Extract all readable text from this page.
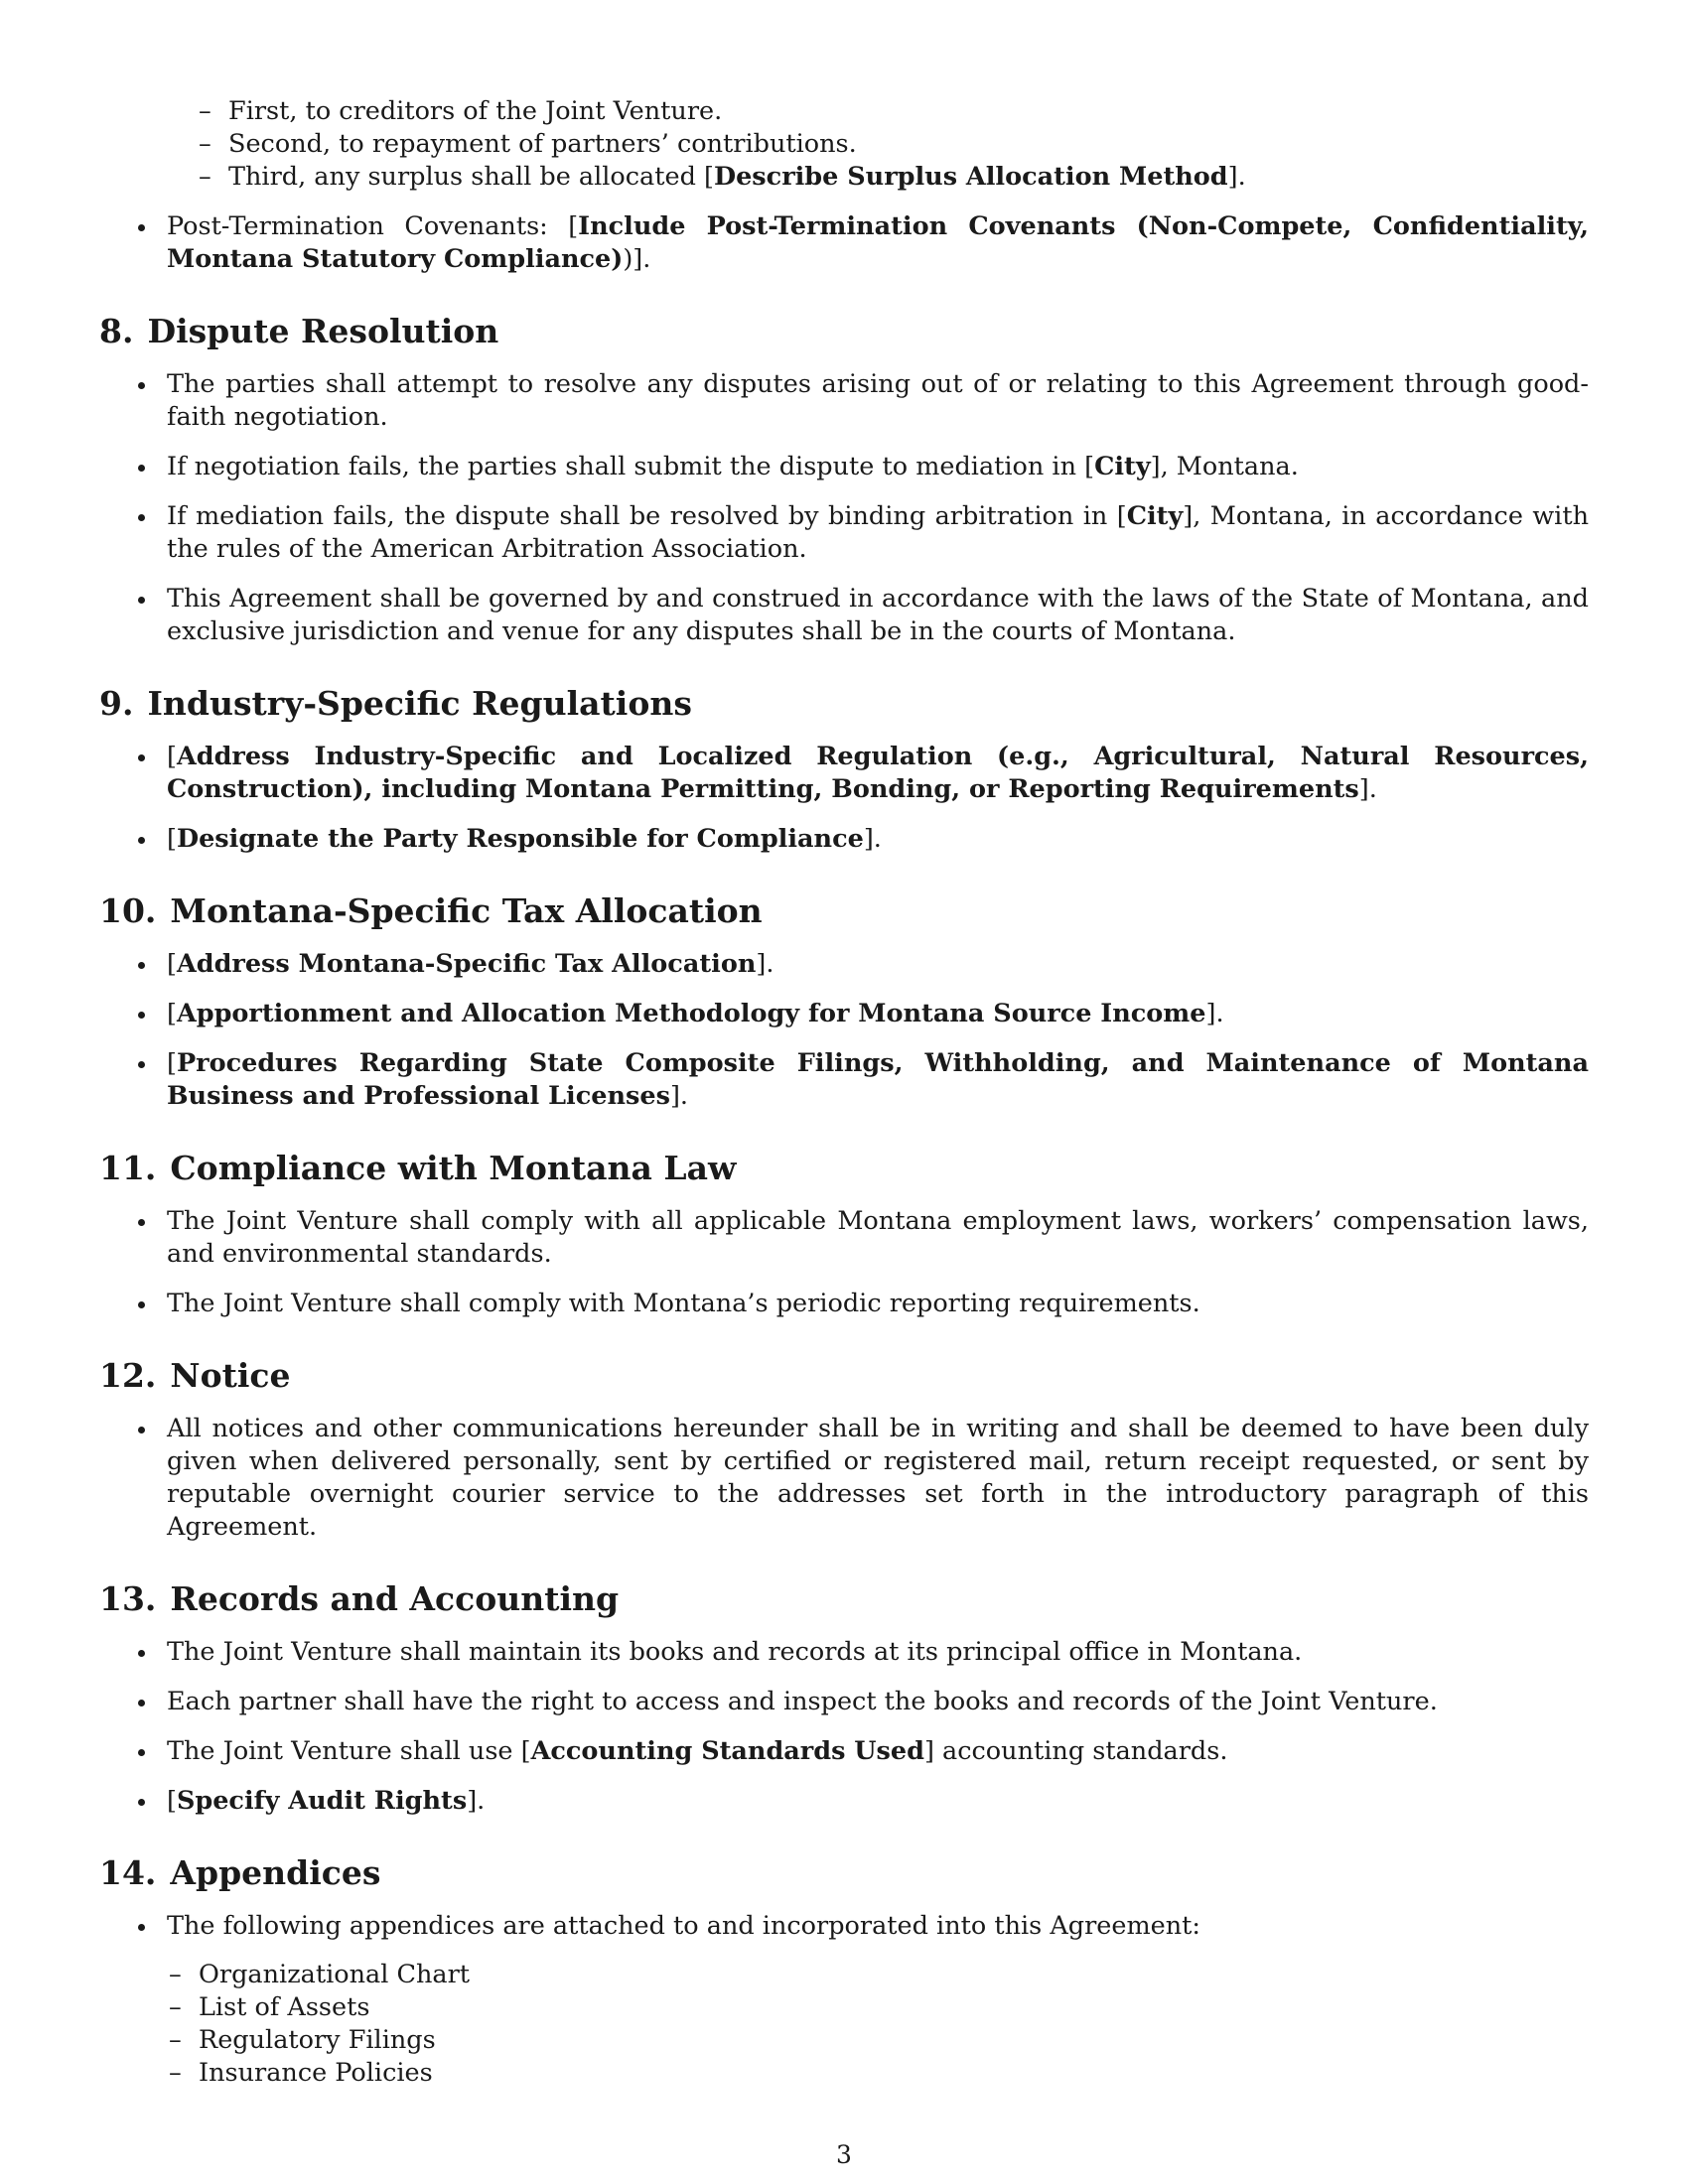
– First, to creditors of the Joint Venture.
– Second, to repayment of partners’ contributions.
– Third, any surplus shall be allocated [Describe Surplus Allocation Method].
Post-Termination Covenants: [Include Post-Termination Covenants (Non-Compete, Confidentiality, Montana Statutory Compliance))].
8. Dispute Resolution
The parties shall attempt to resolve any disputes arising out of or relating to this Agreement through good-faith negotiation.
If negotiation fails, the parties shall submit the dispute to mediation in [City], Montana.
If mediation fails, the dispute shall be resolved by binding arbitration in [City], Montana, in accordance with the rules of the American Arbitration Association.
This Agreement shall be governed by and construed in accordance with the laws of the State of Montana, and exclusive jurisdiction and venue for any disputes shall be in the courts of Montana.
9. Industry-Specific Regulations
[Address Industry-Specific and Localized Regulation (e.g., Agricultural, Natural Resources, Construction), including Montana Permitting, Bonding, or Reporting Requirements].
[Designate the Party Responsible for Compliance].
10. Montana-Specific Tax Allocation
[Address Montana-Specific Tax Allocation].
[Apportionment and Allocation Methodology for Montana Source Income].
[Procedures Regarding State Composite Filings, Withholding, and Maintenance of Montana Business and Professional Licenses].
11. Compliance with Montana Law
The Joint Venture shall comply with all applicable Montana employment laws, workers’ compensation laws, and environmental standards.
The Joint Venture shall comply with Montana’s periodic reporting requirements.
12. Notice
All notices and other communications hereunder shall be in writing and shall be deemed to have been duly given when delivered personally, sent by certified or registered mail, return receipt requested, or sent by reputable overnight courier service to the addresses set forth in the introductory paragraph of this Agreement.
13. Records and Accounting
The Joint Venture shall maintain its books and records at its principal office in Montana.
Each partner shall have the right to access and inspect the books and records of the Joint Venture.
The Joint Venture shall use [Accounting Standards Used] accounting standards.
[Specify Audit Rights].
14. Appendices
The following appendices are attached to and incorporated into this Agreement:
– Organizational Chart
– List of Assets
– Regulatory Filings
– Insurance Policies
3
